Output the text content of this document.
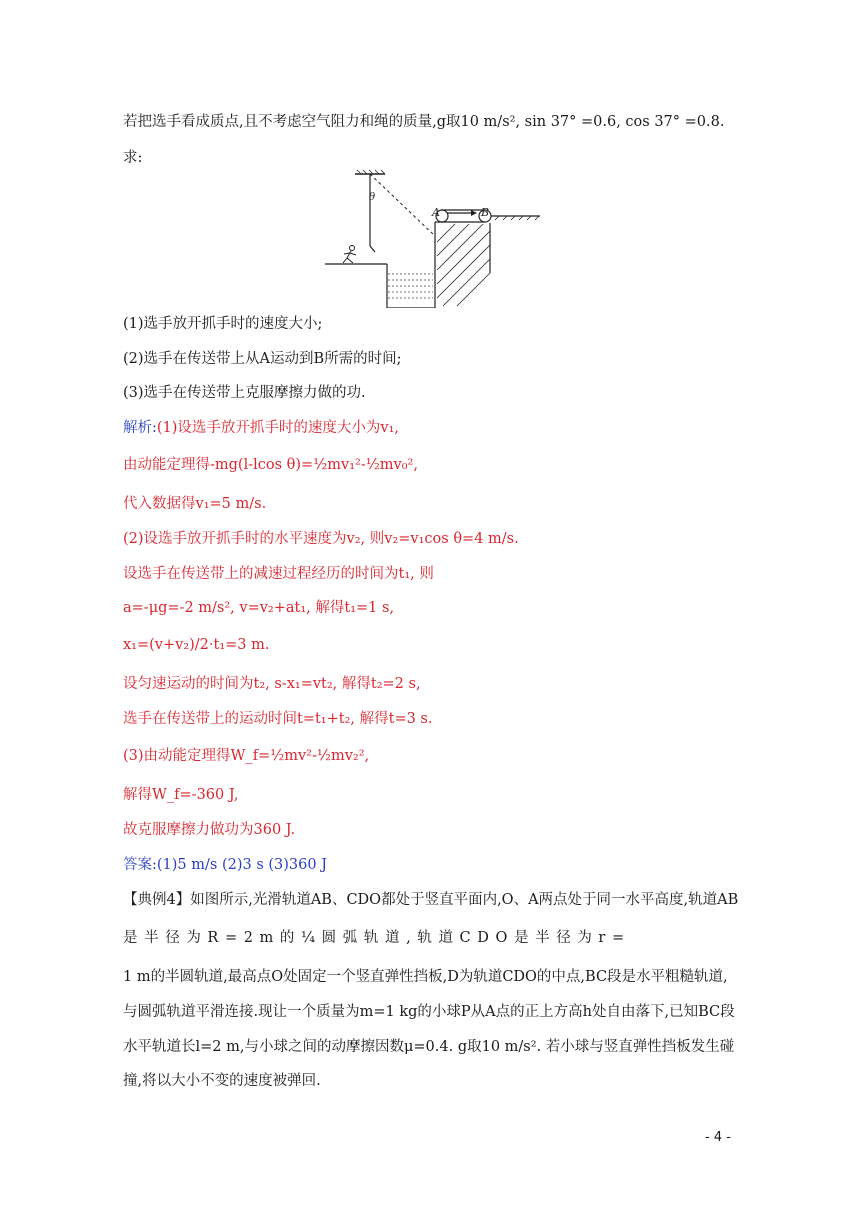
若把选手看成质点,且不考虑空气阻力和绳的质量,g取10 m/s², sin 37° =0.6, cos 37° =0.8.
求:
θ
A	B
(1)选手放开抓手时的速度大小;
(2)选手在传送带上从A运动到B所需的时间;
(3)选手在传送带上克服摩擦力做的功.
解析:(1)设选手放开抓手时的速度大小为v₁,
由动能定理得-mg(l-lcos θ)=½mv₁²-½mv₀²,
代入数据得v₁=5 m/s.
(2)设选手放开抓手时的水平速度为v₂, 则v₂=v₁cos θ=4 m/s.
设选手在传送带上的减速过程经历的时间为t₁, 则
a=-μg=-2 m/s², v=v₂+at₁, 解得t₁=1 s,
x₁=(v+v₂)/2·t₁=3 m.
设匀速运动的时间为t₂, s-x₁=vt₂, 解得t₂=2 s,
选手在传送带上的运动时间t=t₁+t₂, 解得t=3 s.
(3)由动能定理得W_f=½mv²-½mv₂²,
解得W_f=-360 J,
故克服摩擦力做功为360 J.
答案:(1)5 m/s (2)3 s (3)360 J
【典例4】如图所示,光滑轨道AB、CDO都处于竖直平面内,O、A两点处于同一水平高度,轨道AB
是 半 径 为 R = 2 m 的 ¼ 圆 弧 轨 道 , 轨 道 C D O 是 半 径 为 r =
1 m的半圆轨道,最高点O处固定一个竖直弹性挡板,D为轨道CDO的中点,BC段是水平粗糙轨道,
与圆弧轨道平滑连接.现让一个质量为m=1 kg的小球P从A点的正上方高h处自由落下,已知BC段
水平轨道长l=2 m,与小球之间的动摩擦因数μ=0.4. g取10 m/s². 若小球与竖直弹性挡板发生碰
撞,将以大小不变的速度被弹回.
- 4 -
